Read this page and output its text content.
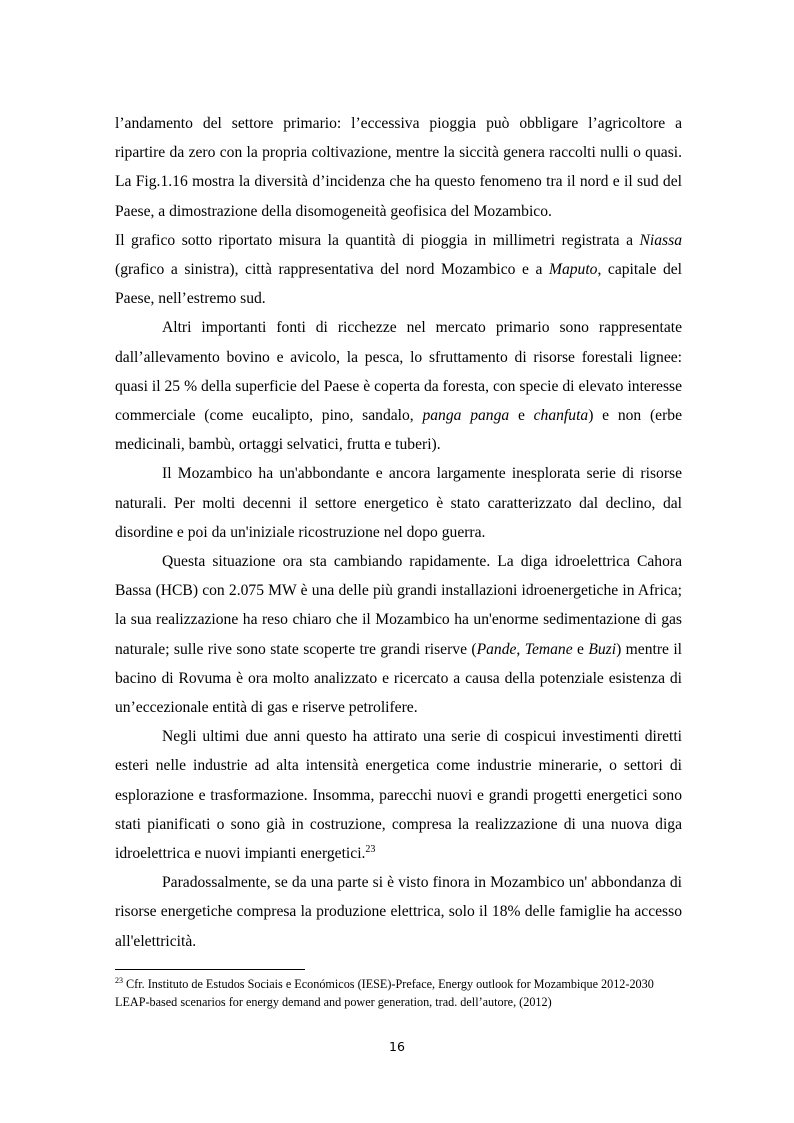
l’andamento del settore primario: l’eccessiva pioggia può obbligare l’agricoltore a ripartire da zero con la propria coltivazione, mentre la siccità genera raccolti nulli o quasi. La Fig.1.16 mostra la diversità d’incidenza che ha questo fenomeno tra il nord e il sud del Paese, a dimostrazione della disomogeneità geofisica del Mozambico.

Il grafico sotto riportato misura la quantità di pioggia in millimetri registrata a Niassa (grafico a sinistra), città rappresentativa del nord Mozambico e a Maputo, capitale del Paese, nell’estremo sud.

Altri importanti fonti di ricchezze nel mercato primario sono rappresentate dall’allevamento bovino e avicolo, la pesca, lo sfruttamento di risorse forestali lignee: quasi il 25 % della superficie del Paese è coperta da foresta, con specie di elevato interesse commerciale (come eucalipto, pino, sandalo, panga panga e chanfuta) e non (erbe medicinali, bambù, ortaggi selvatici, frutta e tuberi).

Il Mozambico ha un'abbondante e ancora largamente inesplorata serie di risorse naturali. Per molti decenni il settore energetico è stato caratterizzato dal declino, dal disordine e poi da un'iniziale ricostruzione nel dopo guerra.

Questa situazione ora sta cambiando rapidamente. La diga idroelettrica Cahora Bassa (HCB) con 2.075 MW è una delle più grandi installazioni idroenergetiche in Africa; la sua realizzazione ha reso chiaro che il Mozambico ha un'enorme sedimentazione di gas naturale; sulle rive sono state scoperte tre grandi riserve (Pande, Temane e Buzi) mentre il bacino di Rovuma è ora molto analizzato e ricercato a causa della potenziale esistenza di un’eccezionale entità di gas e riserve petrolifere.

Negli ultimi due anni questo ha attirato una serie di cospicui investimenti diretti esteri nelle industrie ad alta intensità energetica come industrie minerarie, o settori di esplorazione e trasformazione. Insomma, parecchi nuovi e grandi progetti energetici sono stati pianificati o sono già in costruzione, compresa la realizzazione di una nuova diga idroelettrica e nuovi impianti energetici.$^{23}$

Paradossalmente, se da una parte si è visto finora in Mozambico un' abbondanza di risorse energetiche compresa la produzione elettrica, solo il 18% delle famiglie ha accesso all'elettricità.

$^{23}$ Cfr. Instituto de Estudos Sociais e Económicos (IESE)-Preface, Energy outlook for Mozambique 2012-2030 LEAP-based scenarios for energy demand and power generation, trad. dell’autore, (2012)
16
